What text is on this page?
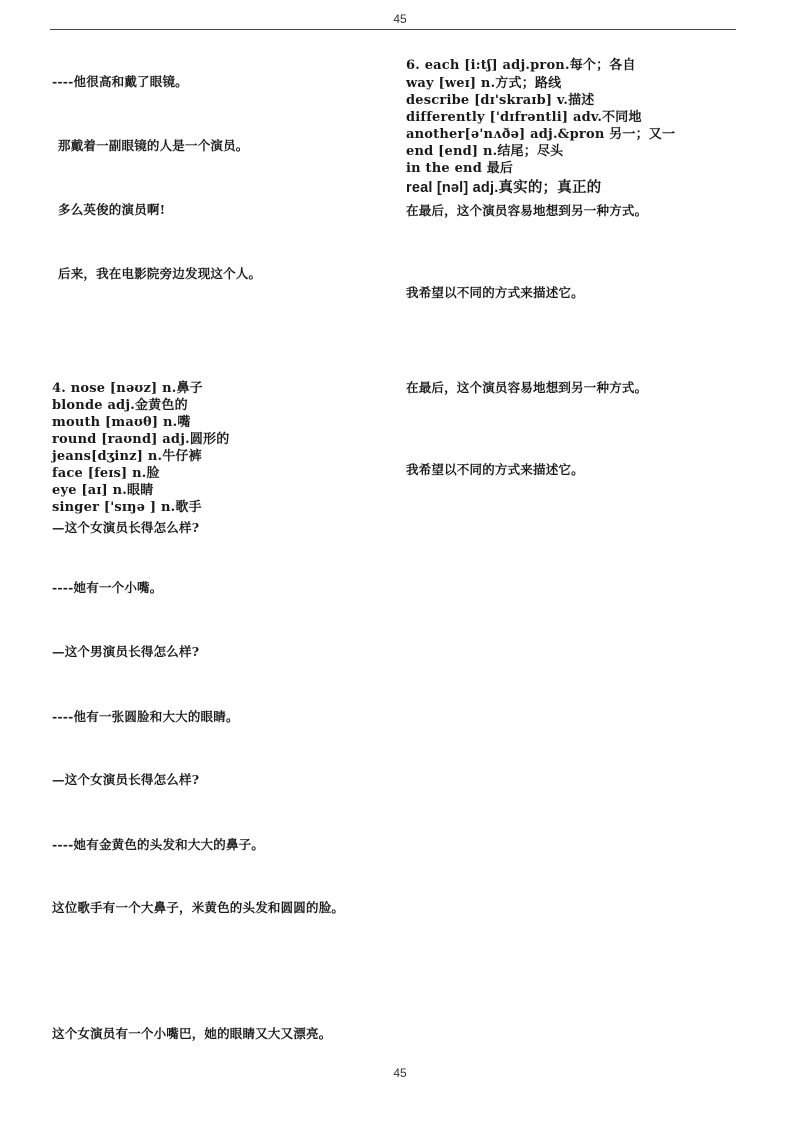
45
----他很高和戴了眼镜。
那戴着一副眼镜的人是一个演员。
多么英俊的演员啊!
后来，我在电影院旁边发现这个人。
4. nose [nəʊz] n.鼻子
blonde adj.金黄色的
mouth [maʊθ] n.嘴
round [raʊnd] adj.圆形的
jeans[dʒinz] n.牛仔裤
face [feɪs] n.脸
eye [aɪ] n.眼睛
singer ['sɪŋə ] n.歌手
—这个女演员长得怎么样?
----她有一个小嘴。
—这个男演员长得怎么样?
----他有一张圆脸和大大的眼睛。
—这个女演员长得怎么样?
----她有金黄色的头发和大大的鼻子。
这位歌手有一个大鼻子，米黄色的头发和圆圆的脸。
这个女演员有一个小嘴巴，她的眼睛又大又漂亮。
6. each [i:tʃ] adj.pron.每个；各自
way [weɪ] n.方式；路线
describe [dɪ'skraɪb] v.描述
differently ['dɪfrəntli] adv.不同地
another[ə'nʌðə] adj.&pron 另一；又一
end [end] n.结尾；尽头
in the end 最后
real [nəl] adj.真实的；真正的
在最后，这个演员容易地想到另一种方式。
我希望以不同的方式来描述它。
在最后，这个演员容易地想到另一种方式。
我希望以不同的方式来描述它。
45
